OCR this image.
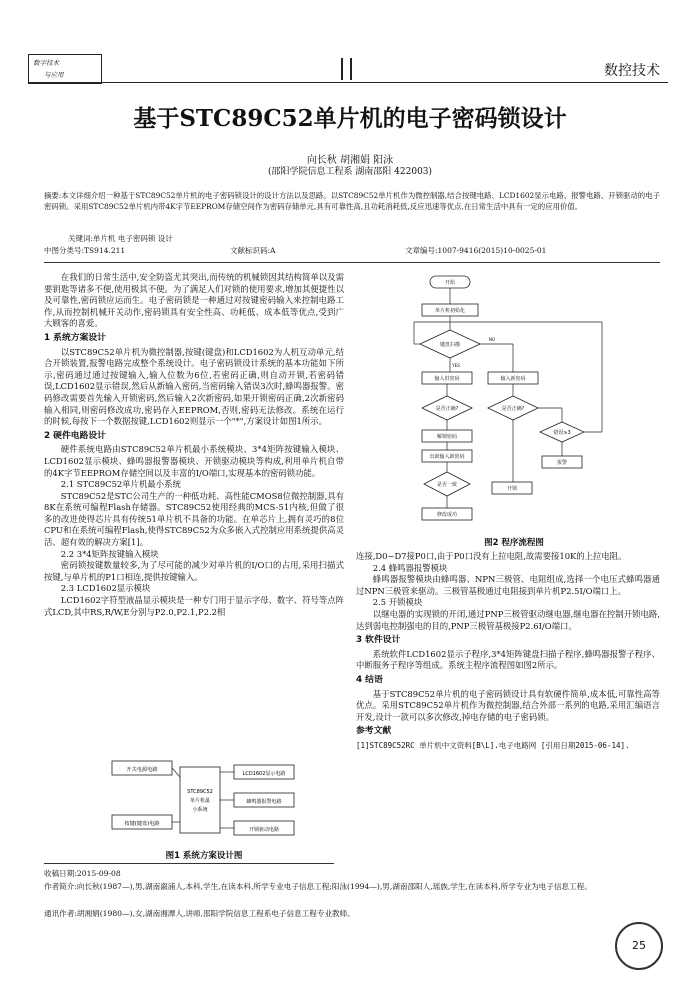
数字技术
与应用	数控技术
基于STC89C52单片机的电子密码锁设计
向长秋 胡湘娟 阳泳
(邵阳学院信息工程系 湖南邵阳 422003)
摘要:本文详细介绍一种基于STC89C52单片机的电子密码锁设计的设计方法以及思路。以STC89C52单片机作为微控制器,结合按键电路、LCD1602显示电路、报警电路、开锁驱动的电子密码锁。采用STC89C52单片机内带4K字节EEPROM存储空间作为密码存储单元,具有可靠性高,且功耗消耗低,反应迅速等优点,在日常生活中具有一定的应用价值。
关键词:单片机 电子密码锁 设计
中图分类号:TS914.211	文献标识码:A	文章编号:1007-9416(2015)10-0025-01

在我们的日常生活中,安全防盗尤其突出,而传统的机械锁因其结构简单以及需要钥匙等诸多不便,使用极其不便。为了满足人们对锁的使用要求,增加其便捷性以及可靠性,密码锁应运而生。电子密码锁是一种通过对按键密码输入来控制电路工作,从而控制机械开关动作,密码锁具有安全性高、功耗低、成本低等优点,受到广大顾客的喜爱。

1 系统方案设计

以STC89C52单片机为微控制器,按键(键盘)和LCD1602为人机互动单元,结合开锁装置,报警电路完成整个系统设计。电子密码锁设计系统的基本功能如下所示,密码通过通过按键输入,输入位数为6位,若密码正确,则自动开锁,若密码错误,LCD1602显示错误,然后从新输入密码,当密码输入错误3次时,蜂鸣器报警。密码修改需要首先输入开锁密码,然后输入2次新密码,如果开锁密码正确,2次新密码输入相同,则密码修改成功,密码存入EEPROM,否则,密码无法修改。系统在运行的时候,每按下一个数据按键,LCD1602则显示一个"*",方案设计如图1所示。

2 硬件电路设计

硬件系统电路由STC89C52单片机最小系统模块、3*4矩阵按键输入模块、LCD1602显示模块、蜂鸣器报警器模块、开锁驱动模块等构成,利用单片机自带的4K字节EEPROM存储空间以及丰富的I/O端口,实现基本的密码锁功能。

2.1 STC89C52单片机最小系统

STC89C52是STC公司生产的一种低功耗、高性能CMOS8位微控制器,具有8K在系统可编程Flash存储器。STC89C52使用经典的MCS-51内核,但做了很多的改进使得芯片具有传统51单片机不具备的功能。在单芯片上,拥有灵巧的8位CPU和在系统可编程Flash,使得STC89C52为众多嵌入式控制应用系统提供高灵活、超有效的解决方案[1]。

2.2 3*4矩阵按键输入模块

密码锁按键数量较多,为了尽可能的减少对单片机的I/O口的占用,采用扫描式按键,与单片机的P1口相连,提供按键输入。

2.3 LCD1602显示模块

LCD1602字符型液晶显示模块是一种专门用于显示字母、数字、符号等点阵式LCD,其中RS,R/W,E分别与P2.0,P2.1,P2.2相

开关电源电路
按键(键盘)电路
STC89C52
单片机最
小系统
LCD1602显示电路
蜂鸣器报警电路
开锁驱动电路
图1 系统方案设计图
开始
单片机初始化
键盘扫描
输入旧密码	输入新密码
是否正确?	是否正确?
解锁密码
错误≥3
出新输入新密码
是否一致
报警
开锁
修改成功
YES
NO
图2 程序流程图

连接,D0~D7接P0口,由于P0口没有上拉电阻,故需要接10K的上拉电阻。

2.4 蜂鸣器报警模块

蜂鸣器报警模块由蜂鸣器、NPN三极管、电阻组成,选择一个电压式蜂鸣器通过NPN三极管来驱动。三极管基极通过电阻接到单片机P2.5I/O端口上。

2.5 开锁模块

以继电器的实现锁的开闭,通过PNP三极管驱动继电器,继电器在控制开锁电路,达到弱电控制强电的目的,PNP三极管基极接P2.6I/O端口。

3 软件设计

系统软件LCD1602显示子程序,3*4矩阵键盘扫描子程序,蜂鸣器报警子程序、中断服务子程序等组成。系统主程序流程图如图2所示。

4 结语

基于STC89C52单片机的电子密码锁设计具有软硬件简单,成本低,可靠性高等优点。采用STC89C52单片机作为微控制器,结合外部一系列的电路,采用汇编语言开发,设计一款可以多次修改,掉电存储的电子密码锁。

参考文献
[1]STC89C52RC 单片机中文资料[B\L].电子电路网 [引用日期2015-06-14].
收稿日期:2015-09-08
作者简介:向长秋(1987—),男,湖南溆浦人,本科,学生,在读本科,所学专业电子信息工程;阳泳(1994—),男,湖南邵阳人,瑶族,学生,在读本科,所学专业为电子信息工程。
通讯作者:胡湘娟(1980—),女,湖南湘潭人,讲师,邵阳学院信息工程系电子信息工程专业教师。
25
